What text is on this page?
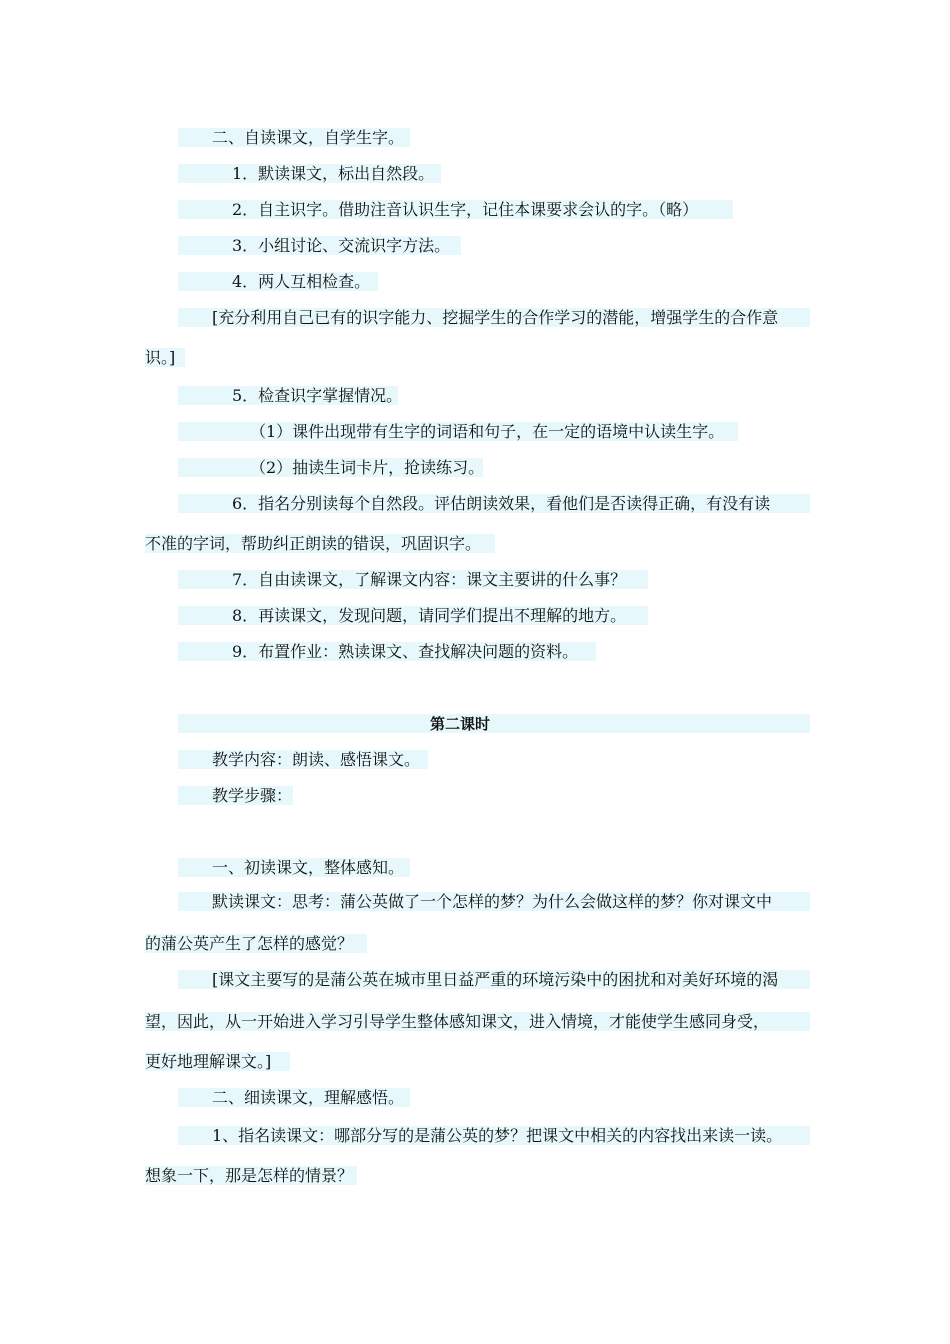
二、自读课文，自学生字。
1．默读课文，标出自然段。
2．自主识字。借助注音认识生字，记住本课要求会认的字。（略）
3．小组讨论、交流识字方法。
4．两人互相检查。
[充分利用自己已有的识字能力、挖掘学生的合作学习的潜能，增强学生的合作意
识。]
5．检查识字掌握情况。
（1）课件出现带有生字的词语和句子，在一定的语境中认读生字。
（2）抽读生词卡片，抢读练习。
6．指名分别读每个自然段。评估朗读效果，看他们是否读得正确，有没有读
不准的字词，帮助纠正朗读的错误，巩固识字。
7．自由读课文，了解课文内容：课文主要讲的什么事？
8．再读课文，发现问题，请同学们提出不理解的地方。
9．布置作业：熟读课文、查找解决问题的资料。
第二课时
教学内容：朗读、感悟课文。
教学步骤：
一、初读课文，整体感知。
默读课文：思考：蒲公英做了一个怎样的梦？为什么会做这样的梦？你对课文中
的蒲公英产生了怎样的感觉？
[课文主要写的是蒲公英在城市里日益严重的环境污染中的困扰和对美好环境的渴
望，因此，从一开始进入学习引导学生整体感知课文，进入情境，才能使学生感同身受，
更好地理解课文。]
二、细读课文，理解感悟。
1、指名读课文：哪部分写的是蒲公英的梦？把课文中相关的内容找出来读一读。
想象一下，那是怎样的情景？
